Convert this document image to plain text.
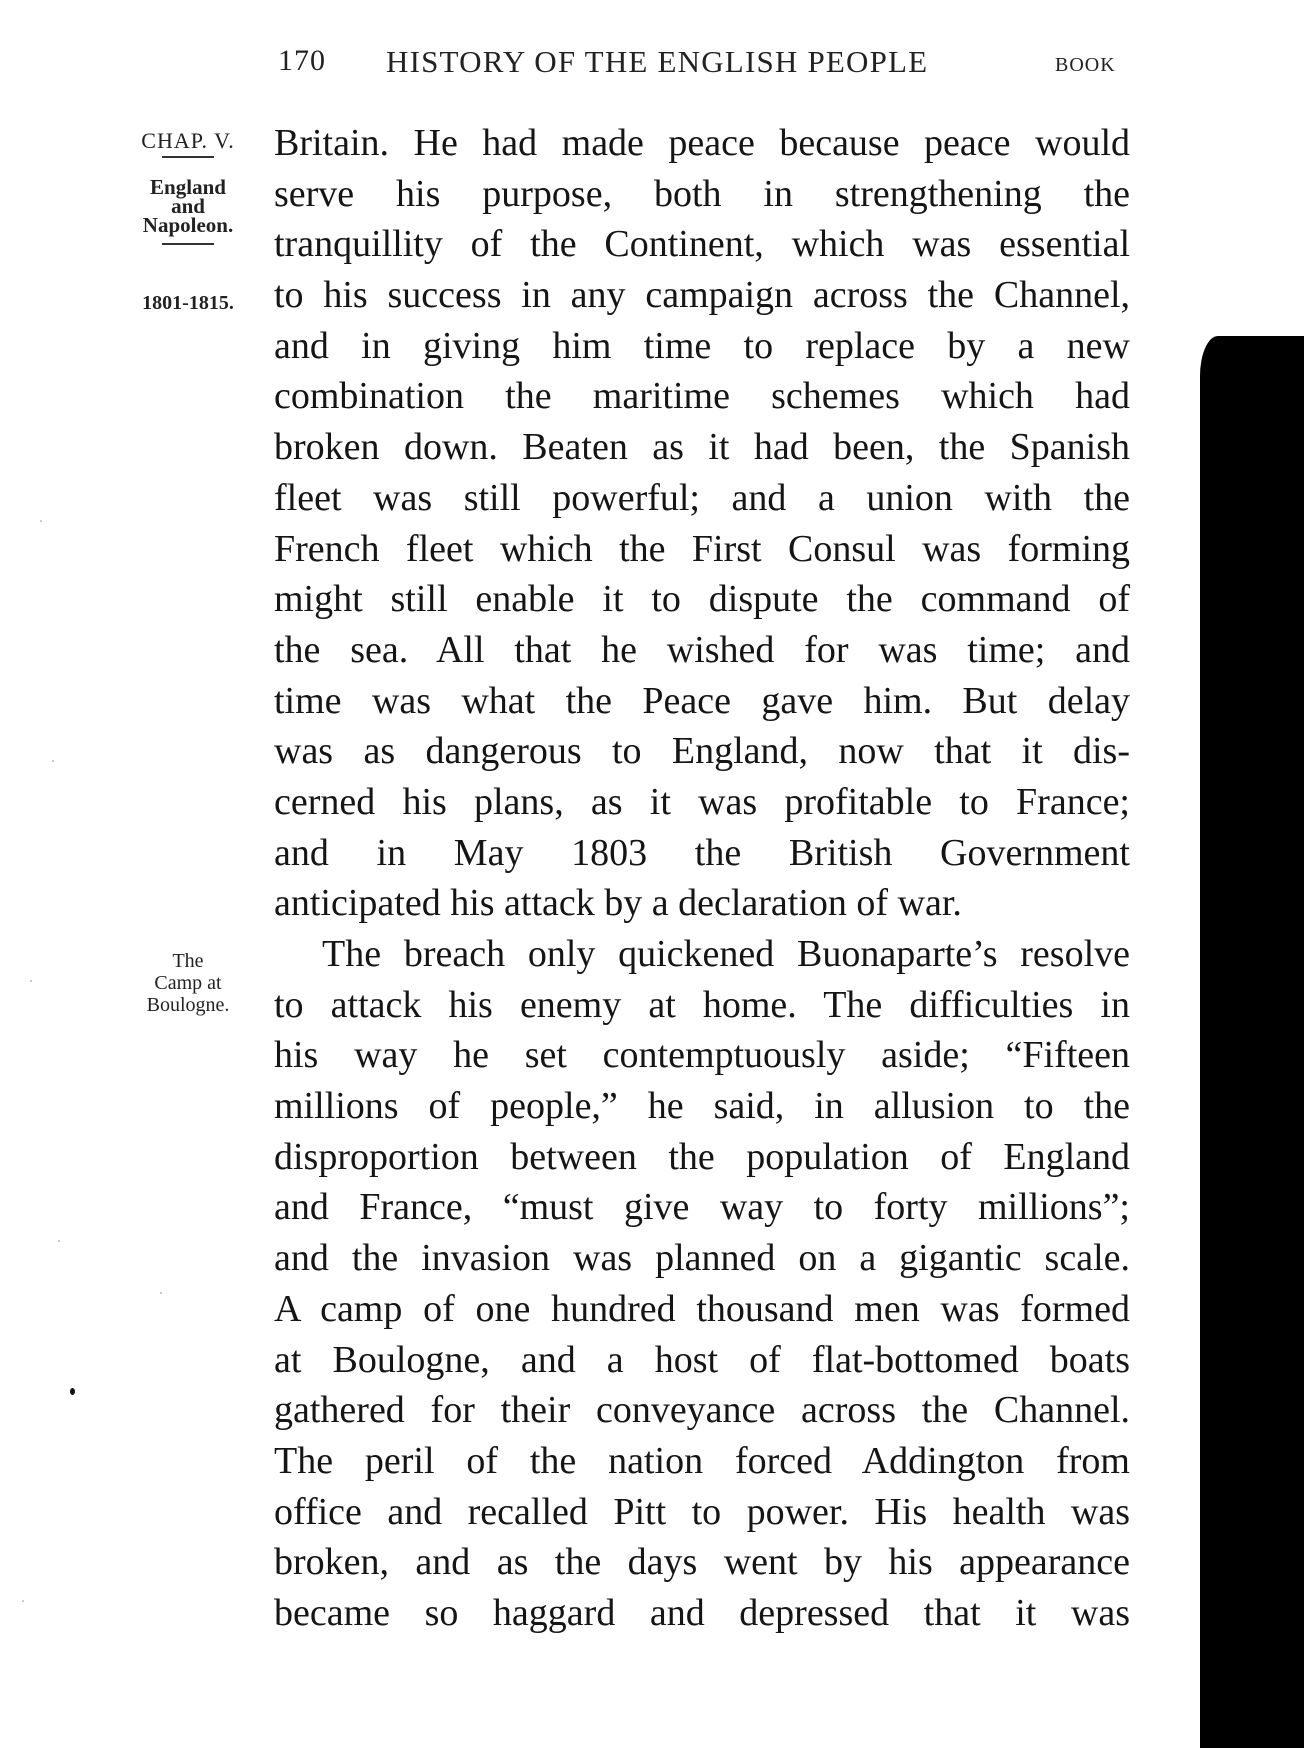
170 HISTORY OF THE ENGLISH PEOPLE	BOOK
CHAP. V.
England
and
Napoleon.
1801-1815.
The
Camp at
Boulogne.
Britain. He had made peace because peace would
serve his purpose, both in strengthening the
tranquillity of the Continent, which was essential
to his success in any campaign across the Channel,
and in giving him time to replace by a new
combination the maritime schemes which had
broken down. Beaten as it had been, the Spanish
fleet was still powerful; and a union with the
French fleet which the First Consul was forming
might still enable it to dispute the command of
the sea. All that he wished for was time; and
time was what the Peace gave him. But delay
was as dangerous to England, now that it dis-
cerned his plans, as it was profitable to France;
and in May 1803 the British Government
anticipated his attack by a declaration of war.
The breach only quickened Buonaparte’s resolve
to attack his enemy at home. The difficulties in
his way he set contemptuously aside; “Fifteen
millions of people,” he said, in allusion to the
disproportion between the population of England
and France, “must give way to forty millions”;
and the invasion was planned on a gigantic scale.
A camp of one hundred thousand men was formed
at Boulogne, and a host of flat-bottomed boats
gathered for their conveyance across the Channel.
The peril of the nation forced Addington from
office and recalled Pitt to power. His health was
broken, and as the days went by his appearance
became so haggard and depressed that it was
